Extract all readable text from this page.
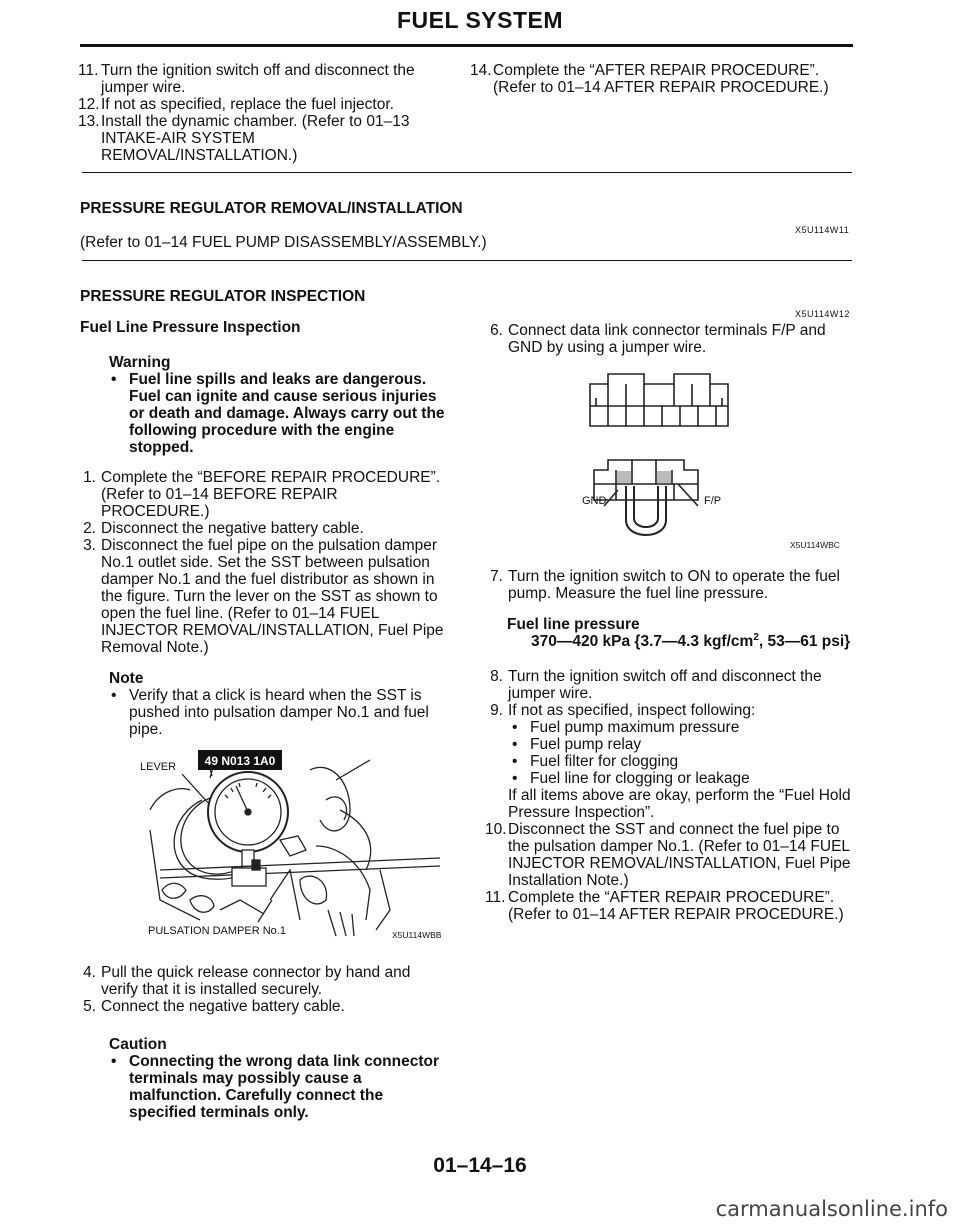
FUEL SYSTEM
11. Turn the ignition switch off and disconnect the
jumper wire.
12. If not as specified, replace the fuel injector.
13. Install the dynamic chamber. (Refer to 01–13
INTAKE-AIR SYSTEM
REMOVAL/INSTALLATION.)
14. Complete the “AFTER REPAIR PROCEDURE”.
(Refer to 01–14 AFTER REPAIR PROCEDURE.)
PRESSURE REGULATOR REMOVAL/INSTALLATION
X5U114W11
(Refer to 01–14 FUEL PUMP DISASSEMBLY/ASSEMBLY.)
PRESSURE REGULATOR INSPECTION
X5U114W12
Fuel Line Pressure Inspection
Warning
• Fuel line spills and leaks are dangerous.
Fuel can ignite and cause serious injuries
or death and damage. Always carry out the
following procedure with the engine
stopped.
1. Complete the “BEFORE REPAIR PROCEDURE”.
(Refer to 01–14 BEFORE REPAIR
PROCEDURE.)
2. Disconnect the negative battery cable.
3. Disconnect the fuel pipe on the pulsation damper
No.1 outlet side. Set the SST between pulsation
damper No.1 and the fuel distributor as shown in
the figure. Turn the lever on the SST as shown to
open the fuel line. (Refer to 01–14 FUEL
INJECTOR REMOVAL/INSTALLATION, Fuel Pipe
Removal Note.)
Note
• Verify that a click is heard when the SST is
pushed into pulsation damper No.1 and fuel
pipe.
49 N013 1A0
LEVER
PULSATION DAMPER No.1	X5U114WBB
4. Pull the quick release connector by hand and
verify that it is installed securely.
5. Connect the negative battery cable.
Caution
• Connecting the wrong data link connector
terminals may possibly cause a
malfunction. Carefully connect the
specified terminals only.
6. Connect data link connector terminals F/P and
GND by using a jumper wire.
GND	F/P
X5U114WBC
7. Turn the ignition switch to ON to operate the fuel
pump. Measure the fuel line pressure.
Fuel line pressure
370—420 kPa {3.7—4.3 kgf/$cm^2$, 53—61 psi}
8. Turn the ignition switch off and disconnect the
jumper wire.
9. If not as specified, inspect following:
• Fuel pump maximum pressure
• Fuel pump relay
• Fuel filter for clogging
• Fuel line for clogging or leakage
If all items above are okay, perform the “Fuel Hold
Pressure Inspection”.
10. Disconnect the SST and connect the fuel pipe to
the pulsation damper No.1. (Refer to 01–14 FUEL
INJECTOR REMOVAL/INSTALLATION, Fuel Pipe
Installation Note.)
11. Complete the “AFTER REPAIR PROCEDURE”.
(Refer to 01–14 AFTER REPAIR PROCEDURE.)
01–14–16
carmanualsonline.info
